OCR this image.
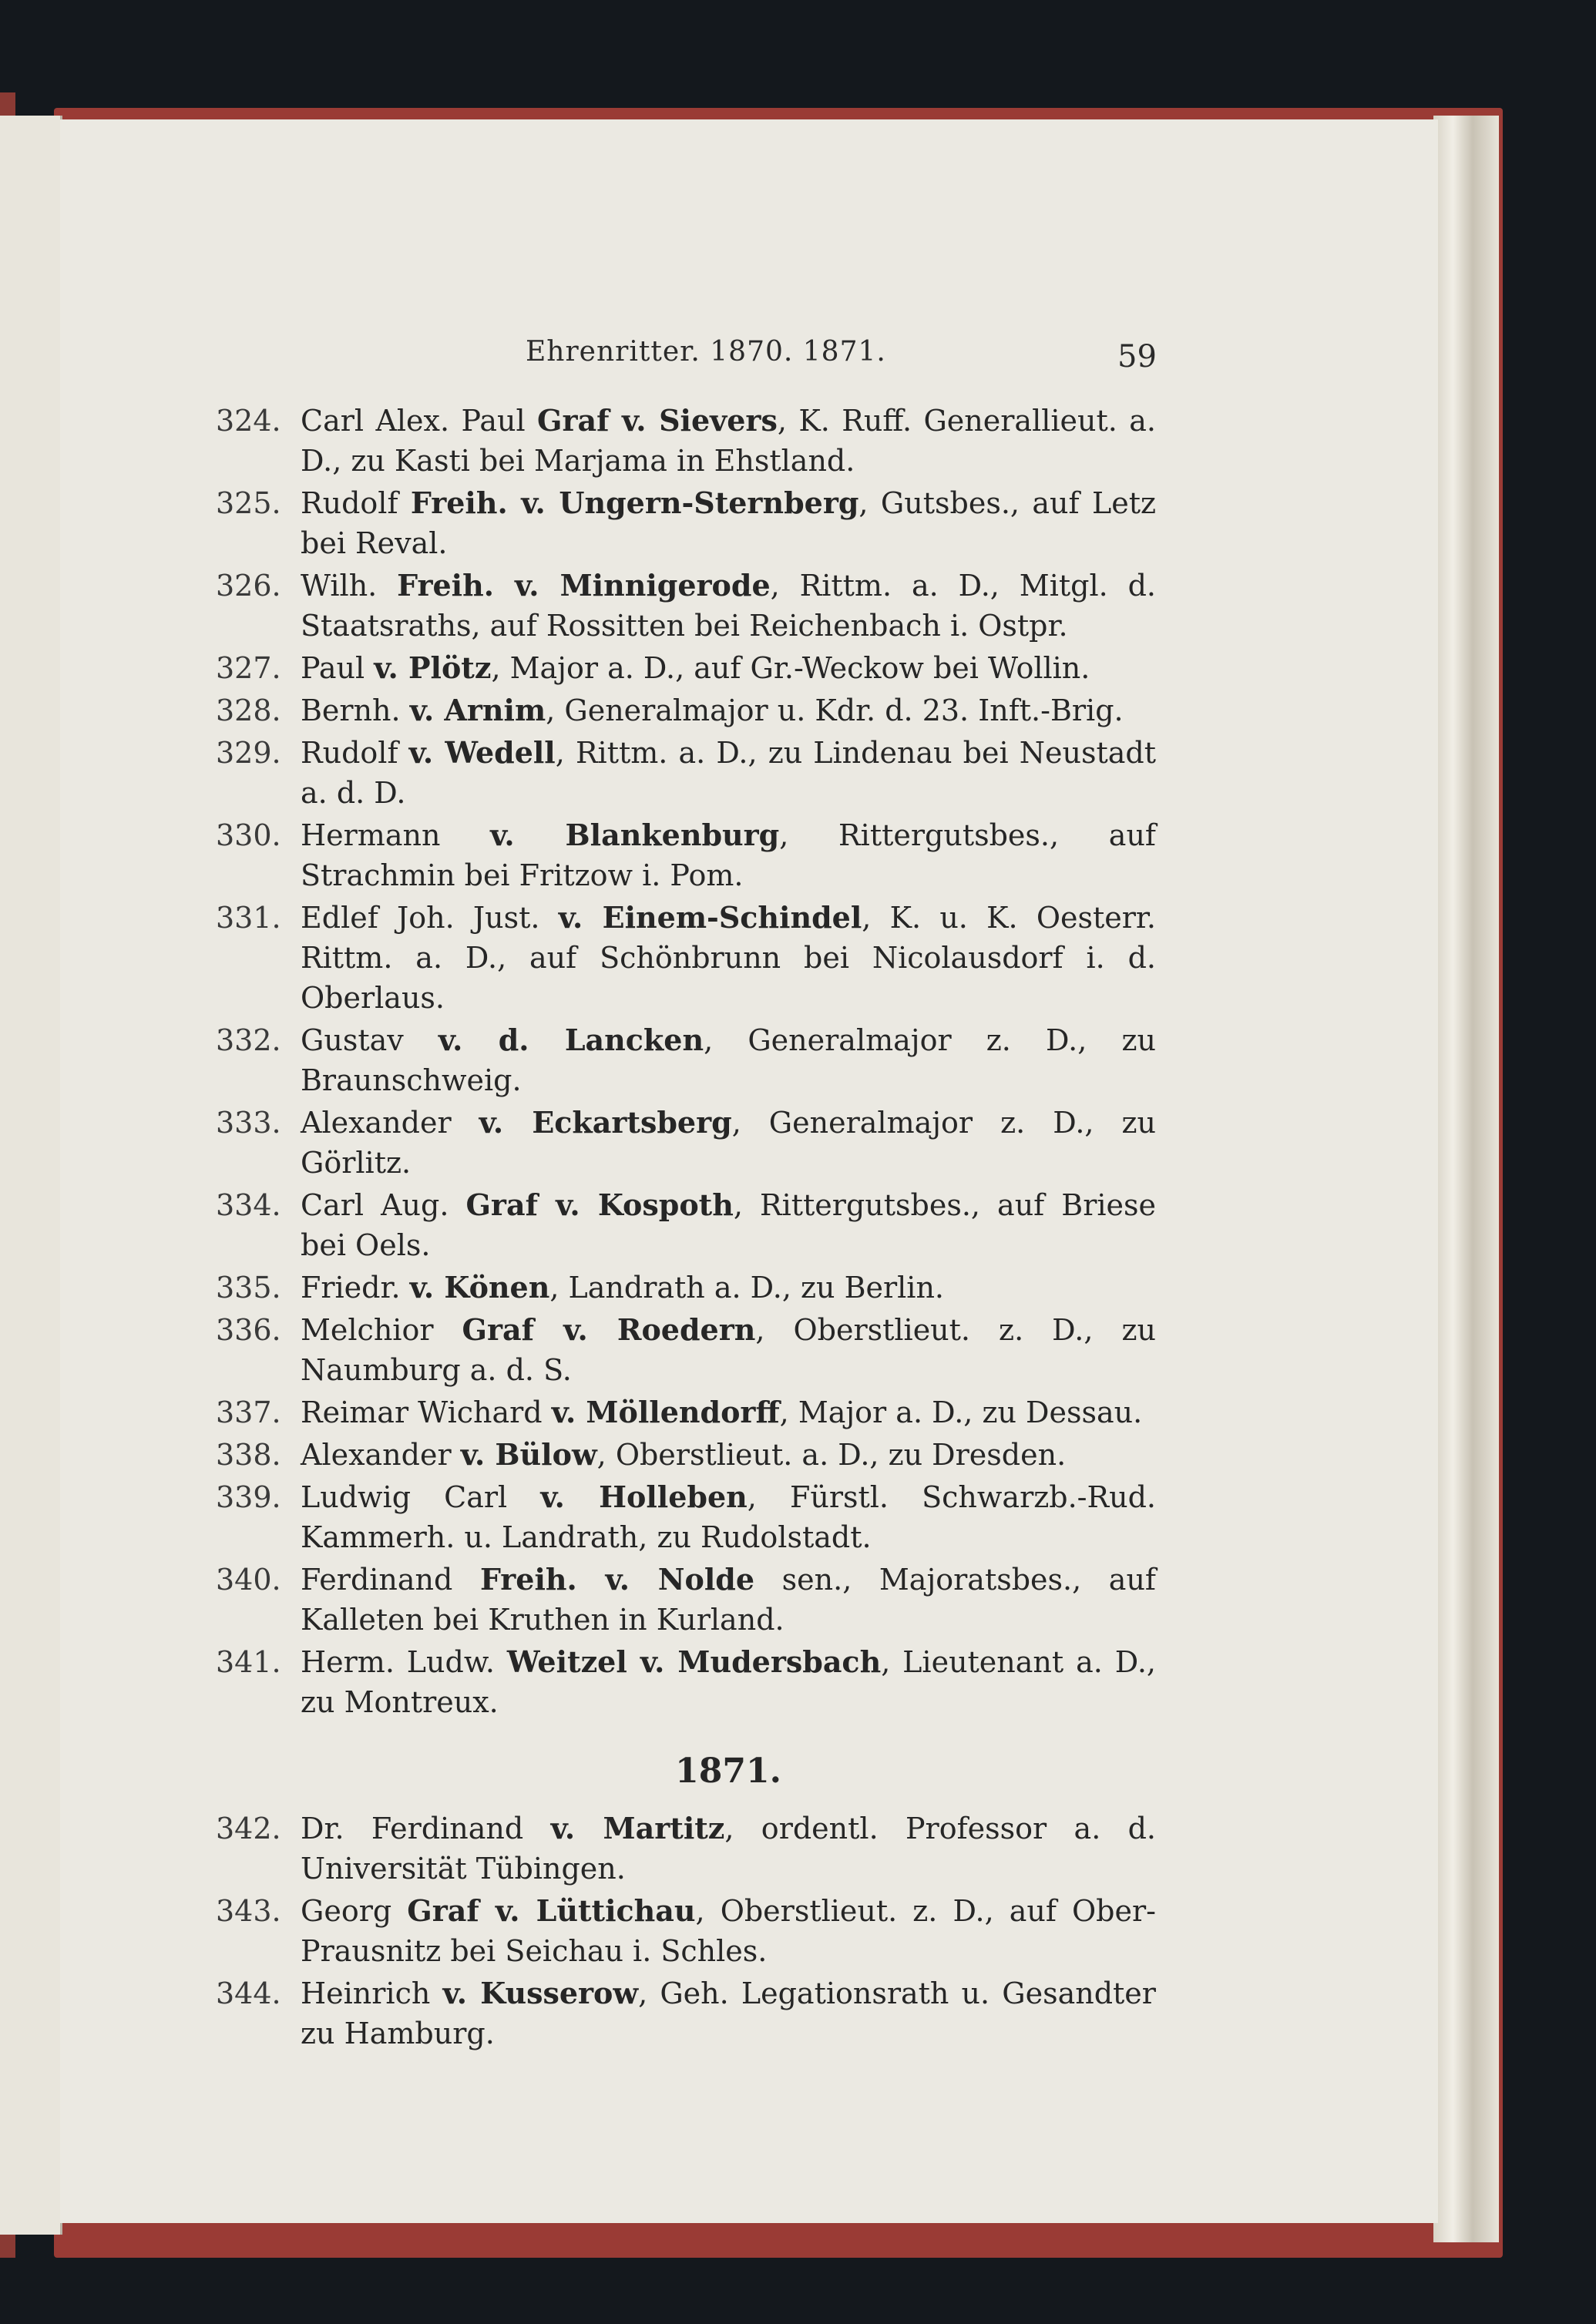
Ehrenritter. 1870. 1871.	59
324. Carl Alex. Paul Graf v. Sievers, K. Ruff. Generallieut. a. D., zu Kasti bei Marjama in Ehstland.
325. Rudolf Freih. v. Ungern-Sternberg, Gutsbes., auf Letz bei Reval.
326. Wilh. Freih. v. Minnigerode, Rittm. a. D., Mitgl. d. Staatsraths, auf Rossitten bei Reichenbach i. Ostpr.
327. Paul v. Plötz, Major a. D., auf Gr.-Weckow bei Wollin.
328. Bernh. v. Arnim, Generalmajor u. Kdr. d. 23. Inft.-Brig.
329. Rudolf v. Wedell, Rittm. a. D., zu Lindenau bei Neustadt a. d. D.
330. Hermann v. Blankenburg, Rittergutsbes., auf Strachmin bei Fritzow i. Pom.
331. Edlef Joh. Just. v. Einem-Schindel, K. u. K. Oesterr. Rittm. a. D., auf Schönbrunn bei Nicolausdorf i. d. Oberlaus.
332. Gustav v. d. Lancken, Generalmajor z. D., zu Braunschweig.
333. Alexander v. Eckartsberg, Generalmajor z. D., zu Görlitz.
334. Carl Aug. Graf v. Kospoth, Rittergutsbes., auf Briese bei Oels.
335. Friedr. v. Könen, Landrath a. D., zu Berlin.
336. Melchior Graf v. Roedern, Oberstlieut. z. D., zu Naumburg a. d. S.
337. Reimar Wichard v. Möllendorff, Major a. D., zu Dessau.
338. Alexander v. Bülow, Oberstlieut. a. D., zu Dresden.
339. Ludwig Carl v. Holleben, Fürstl. Schwarzb.-Rud. Kammerh. u. Landrath, zu Rudolstadt.
340. Ferdinand Freih. v. Nolde sen., Majoratsbes., auf Kalleten bei Kruthen in Kurland.
341. Herm. Ludw. Weitzel v. Mudersbach, Lieutenant a. D., zu Montreux.
1871.
342. Dr. Ferdinand v. Martitz, ordentl. Professor a. d. Universität Tübingen.
343. Georg Graf v. Lüttichau, Oberstlieut. z. D., auf Ober-Prausnitz bei Seichau i. Schles.
344. Heinrich v. Kusserow, Geh. Legationsrath u. Gesandter zu Hamburg.
